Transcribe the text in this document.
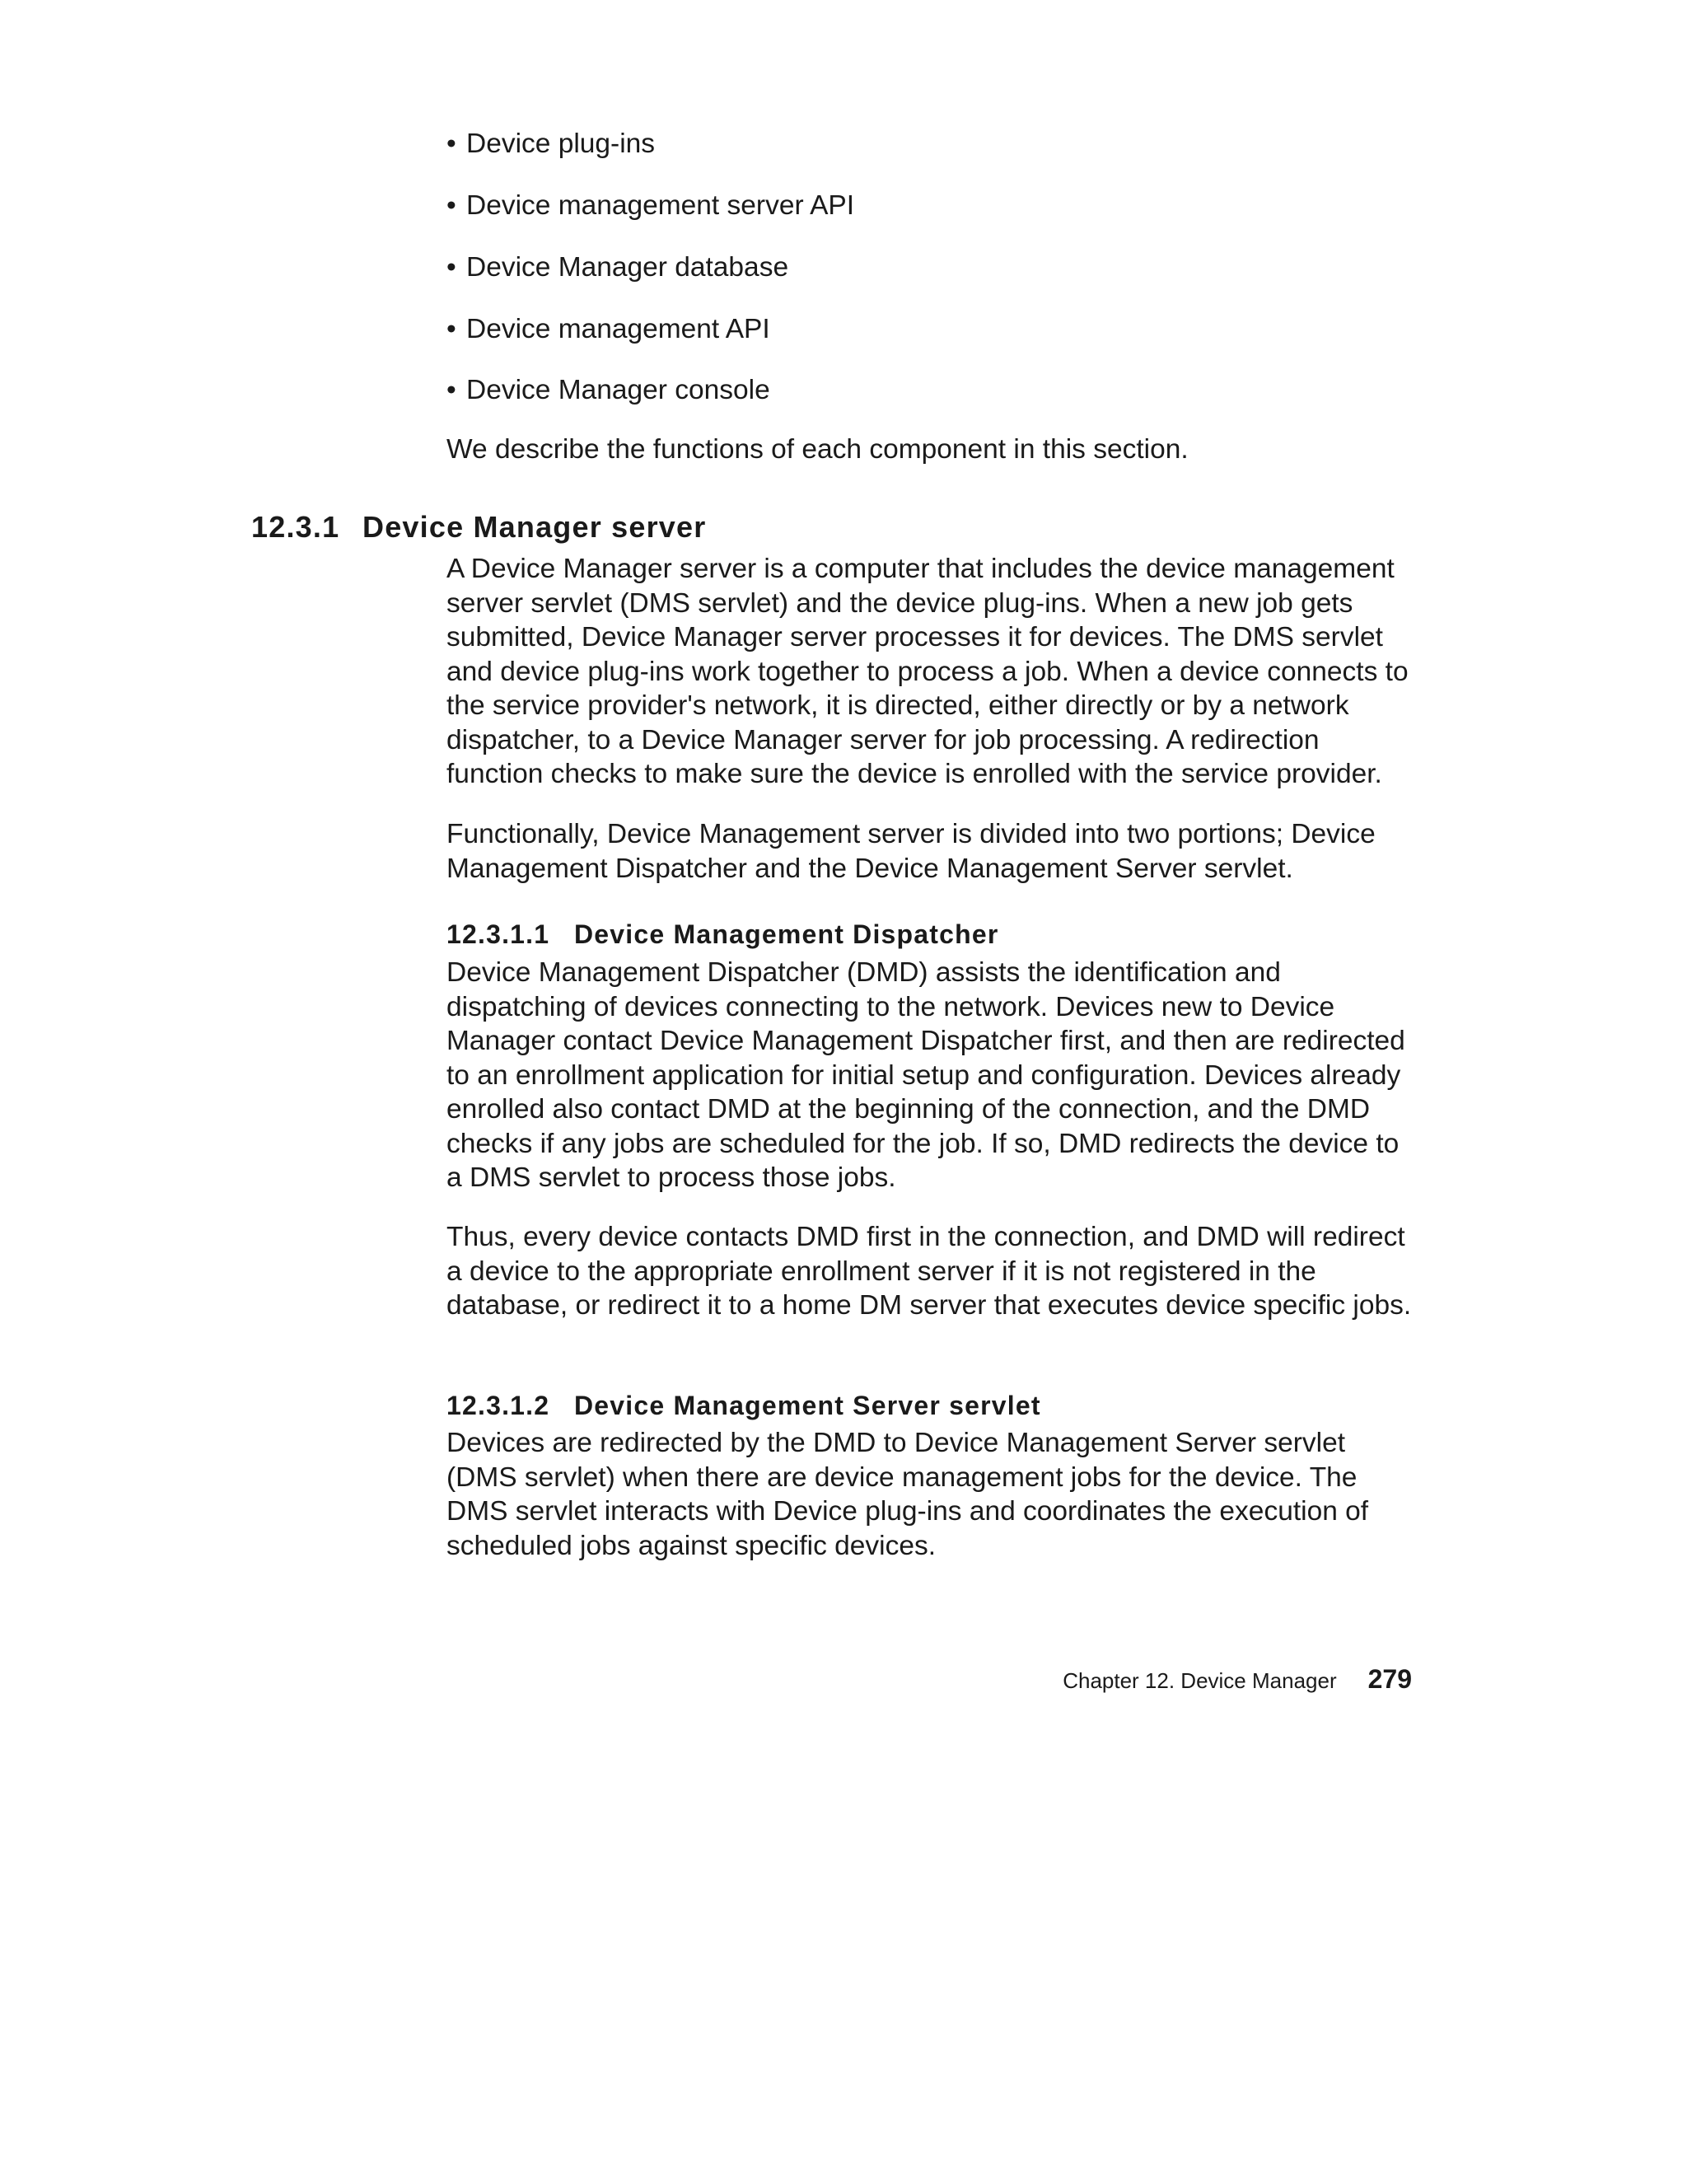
• Device plug-ins
• Device management server API
• Device Manager database
• Device management API
• Device Manager console
We describe the functions of each component in this section.
12.3.1 Device Manager server

A Device Manager server is a computer that includes the device management server servlet (DMS servlet) and the device plug-ins. When a new job gets submitted, Device Manager server processes it for devices. The DMS servlet and device plug-ins work together to process a job. When a device connects to the service provider's network, it is directed, either directly or by a network dispatcher, to a Device Manager server for job processing. A redirection function checks to make sure the device is enrolled with the service provider.

Functionally, Device Management server is divided into two portions; Device Management Dispatcher and the Device Management Server servlet.

12.3.1.1 Device Management Dispatcher

Device Management Dispatcher (DMD) assists the identification and dispatching of devices connecting to the network. Devices new to Device Manager contact Device Management Dispatcher first, and then are redirected to an enrollment application for initial setup and configuration. Devices already enrolled also contact DMD at the beginning of the connection, and the DMD checks if any jobs are scheduled for the job. If so, DMD redirects the device to a DMS servlet to process those jobs.

Thus, every device contacts DMD first in the connection, and DMD will redirect a device to the appropriate enrollment server if it is not registered in the database, or redirect it to a home DM server that executes device specific jobs.

12.3.1.2 Device Management Server servlet

Devices are redirected by the DMD to Device Management Server servlet (DMS servlet) when there are device management jobs for the device. The DMS servlet interacts with Device plug-ins and coordinates the execution of scheduled jobs against specific devices.

Chapter 12. Device Manager 279
